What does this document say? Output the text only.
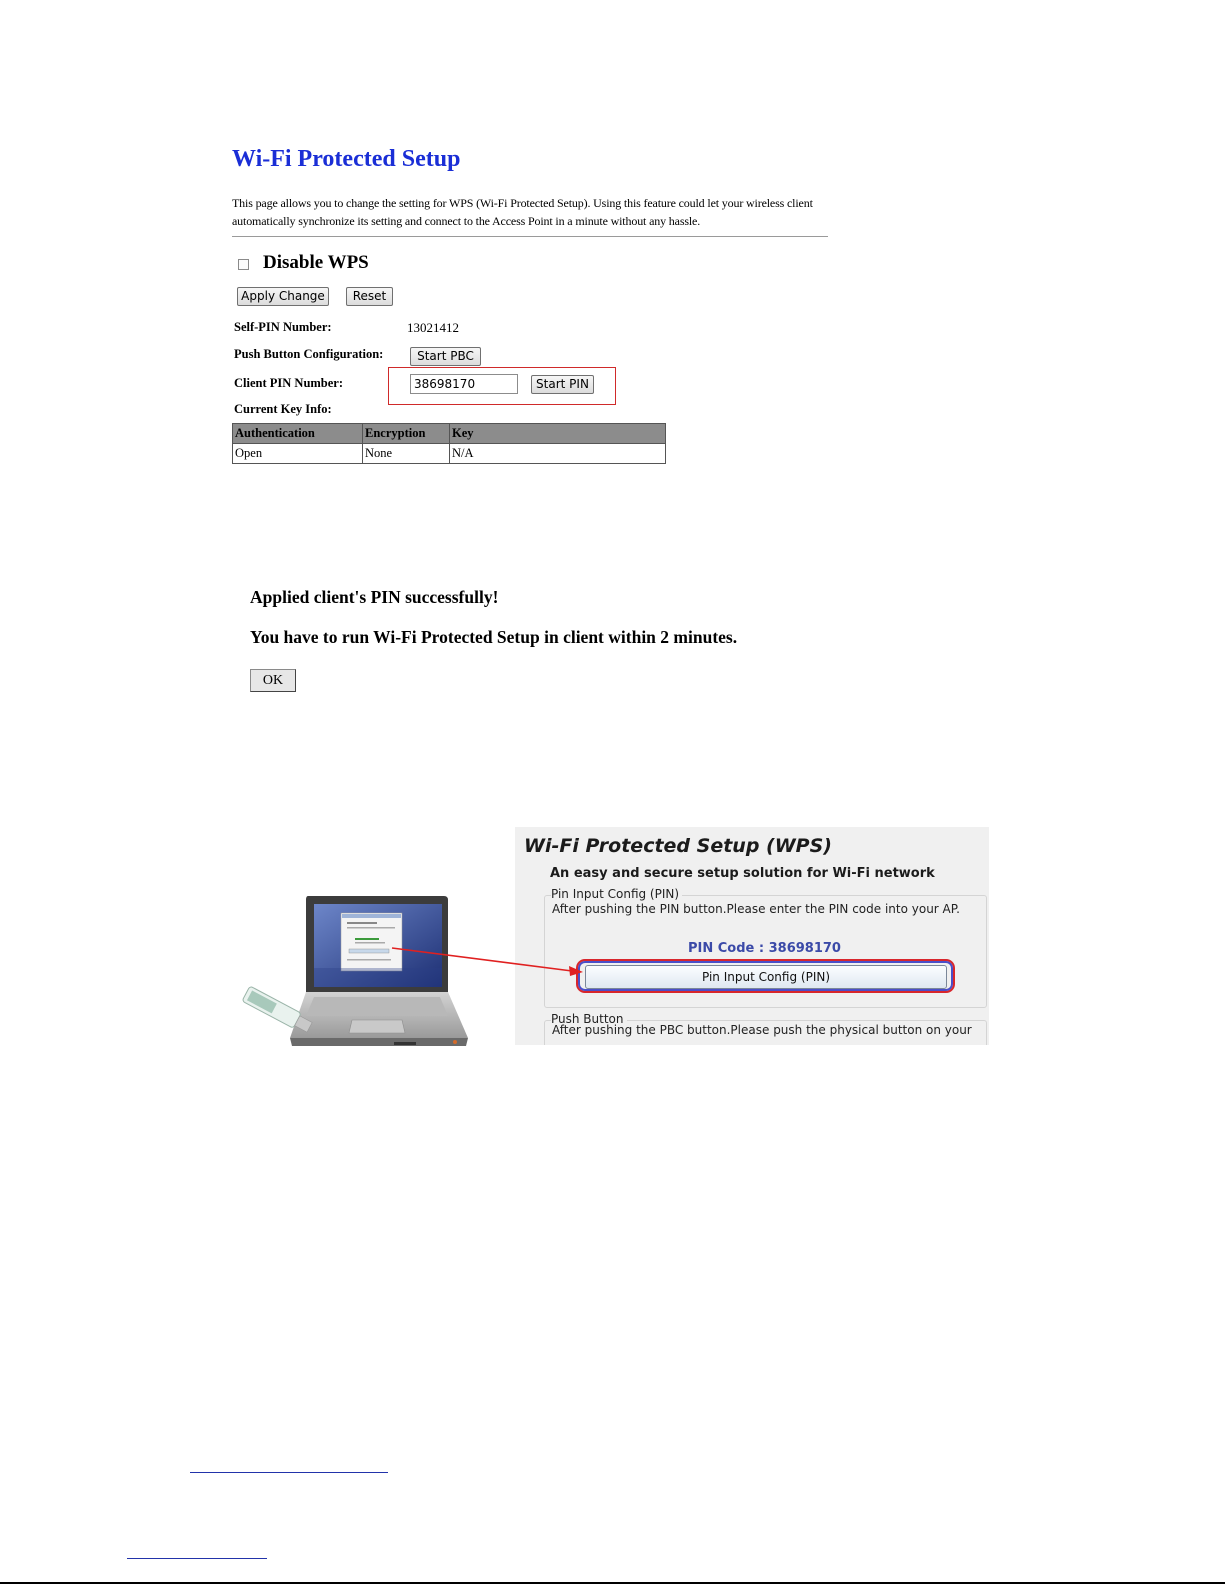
Wi-Fi Protected Setup
This page allows you to change the setting for WPS (Wi-Fi Protected Setup). Using this feature could let your wireless client automatically synchronize its setting and connect to the Access Point in a minute without any hassle.
Disable WPS
Apply Change	Reset
Self-PIN Number:	13021412
Push Button Configuration:	Start PBC
Client PIN Number:	38698170	Start PIN
Current Key Info:
Authentication	Encryption	Key
Open	None	N/A
Applied client's PIN successfully!
You have to run Wi-Fi Protected Setup in client within 2 minutes.
OK
Wi-Fi Protected Setup (WPS)
An easy and secure setup solution for Wi-Fi network
Pin Input Config (PIN)
After pushing the PIN button.Please enter the PIN code into your AP.
PIN Code : 38698170
Pin Input Config (PIN)
Push Button
After pushing the PBC button.Please push the physical button on your
